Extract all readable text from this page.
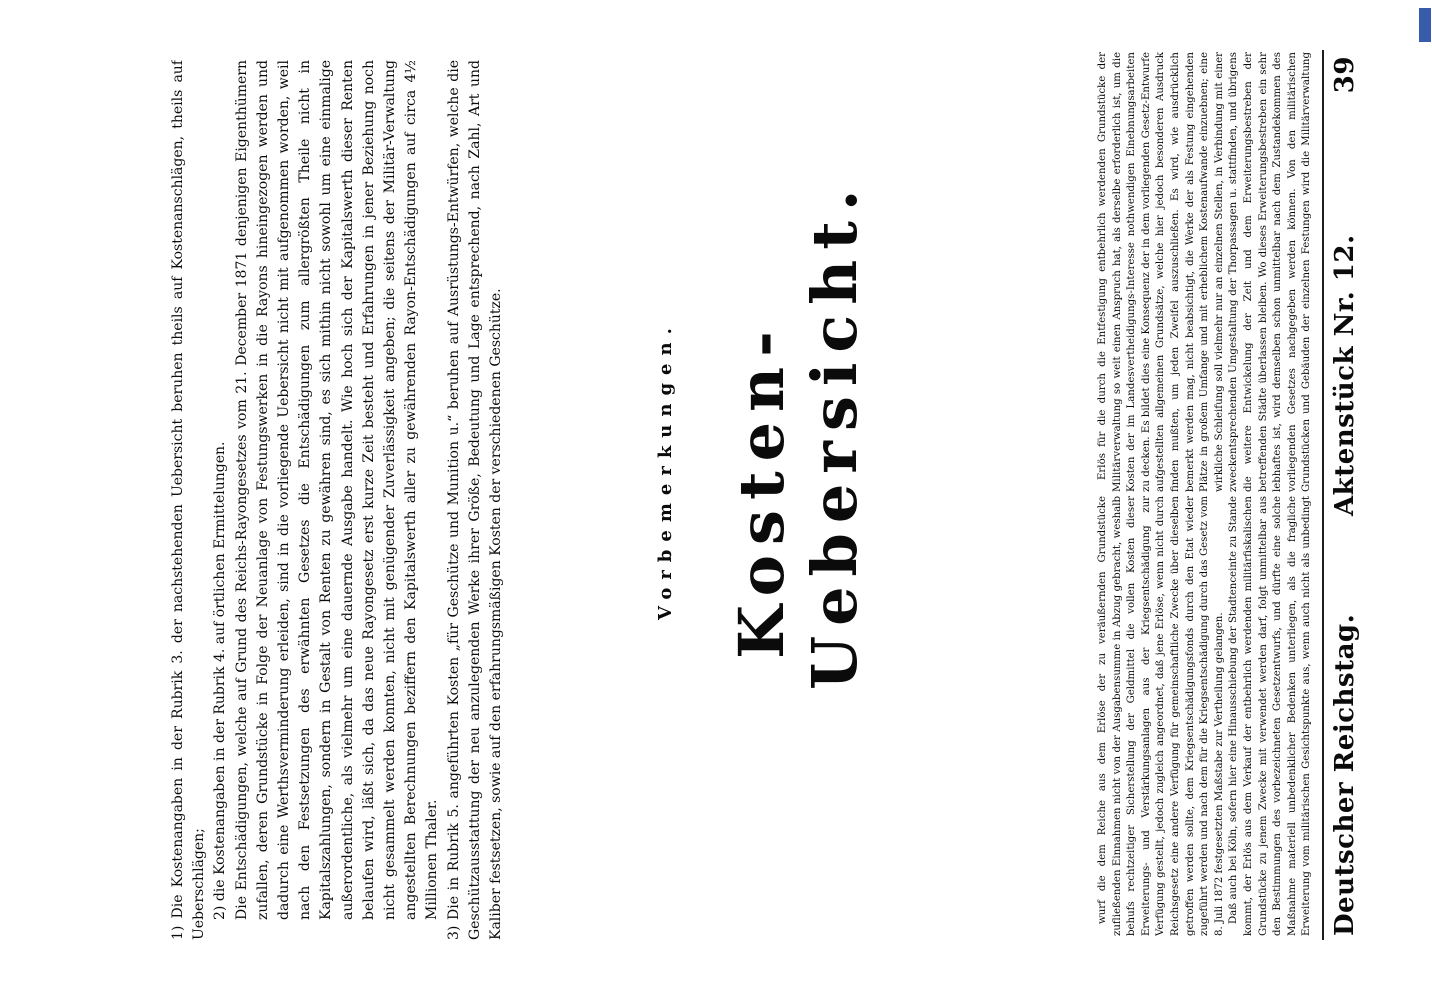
Deutscher Reichstag.
Aktenstück Nr. 12.
39

wurf die dem Reiche aus dem Erlöse der zu veräußernden Grundstücke zufließenden Einnahmen nicht von der Ausgabensumme in Abzug gebracht, weshalb behufs rechtzeitiger Sicherstellung der Geldmittel die vollen Kosten dieser Erweiterungs- und Verstärkungsanlagen aus der Kriegsentschädigung zur Verfügung gestellt, jedoch zugleich angeordnet, daß jene Erlöse, wenn nicht durch Reichsgesetz eine andere Verfügung für gemeinschaftliche Zwecke über dieselben getroffen werden sollte, dem Kriegsentschädigungsfonds durch den Etat wieder zugeführt werden und nach dem für die Kriegsentschädigung durch das Gesetz vom 8. Juli 1872 festgesetzten Maßstabe zur Vertheilung gelangen. Daß auch bei Köln, sofern hier eine Hinausschiebung der Stadtenceinte zu Stande kommt, der Erlös aus dem Verkauf der entbehrlich werdenden militärfiskalischen Grundstücke zu jenem Zwecke mit verwendet werden darf, folgt unmittelbar aus den Bestimmungen des vorbezeichneten Gesetzentwurfs, und dürfte eine solche Maßnahme materiell unbedenklicher Bedenken unterliegen, als die fragliche Erweiterung vom militärischen Gesichtspunkte aus, wenn auch nicht als unbedingt

Erlös für die durch die Entfestigung entbehrlich werdenden Grundstücke der Militärverwaltung so weit einen Anspruch hat, als derselbe erforderlich ist, um die Kosten der im Landesvertheidigungs-Interesse nothwendigen Einebnungsarbeiten zu decken. Es bildet dies eine Konsequenz der in dem vorliegenden Gesetz-Entwurfe aufgestellten allgemeinen Grundsätze, welche hier jedoch besonderen Ausdruck finden mußten, um jeden Zweifel auszuschließen. Es wird, wie ausdrücklich bemerkt werden mag, nicht beabsichtigt, die Werke der als Festung eingehenden Plätze in großem Umfange und mit erheblichem Kostenaufwande einzuebnen; eine wirkliche Schleifung soll vielmehr nur an einzelnen Stellen, in Verbindung mit einer zweckentsprechenden Umgestaltung der Thorpassagen u. stattfinden, und übrigens die weitere Entwickelung der Zeit und dem Erweiterungsbestreben der betreffenden Städte überlassen bleiben. Wo dieses Erweiterungsbestreben ein sehr lebhaftes ist, wird demselben schon unmittelbar nach dem Zustandekommen des vorliegenden Gesetzes nachgegeben werden können. Von den militärischen Grundstücken und Gebäuden der einzelnen Festungen wird die Militärverwaltung

Kosten-Uebersicht.
Vorbemerkungen.

1) Die Kostenangaben in der Rubrik 3. der nachstehenden Uebersicht beruhen theils auf Kostenanschlägen, theils auf Ueberschlägen; 2) die Kostenangaben in der Rubrik 4. auf örtlichen Ermittelungen. Die Entschädigungen, welche auf Grund des Reichs-Rayongesetzes vom 21. December 1871 denjenigen Eigenthümern zufallen, deren Grundstücke in Folge der Neuanlage von Festungswerken in die Rayons hineingezogen werden und dadurch eine Werthsverminderung erleiden, sind in die vorliegende Uebersicht nicht mit aufgenommen worden, weil nach den Festsetzungen des erwähnten Gesetzes die Entschädigungen zum allergrößten Theile nicht in Kapitalszahlungen, sondern in Gestalt von Renten zu gewähren sind, es sich mithin nicht sowohl um eine einmalige außerordentliche, als vielmehr um eine dauernde Ausgabe handelt. Wie hoch sich der Kapitalswerth dieser Renten belaufen wird, läßt sich, da das neue Rayongesetz erst kurze Zeit besteht und Erfahrungen in jener Beziehung noch nicht gesammelt werden konnten, nicht mit genügender Zuverlässigkeit angeben; die seitens der Militär-Verwaltung angestellten Berechnungen beziffern den Kapitalswerth aller zu gewährenden Rayon-Entschädigungen auf circa 4½ Millionen Thaler. 3) Die in Rubrik 5. angeführten Kosten „für Geschütze und Munition u.“ beruhen auf Ausrüstungs-Entwürfen, welche die Geschützausstattung der neu anzulegenden Werke ihrer Größe, Bedeutung und Lage entsprechend, nach Zahl, Art und Kaliber festsetzen, sowie auf den erfahrungsmäßigen Kosten der verschiedenen Geschütze.
